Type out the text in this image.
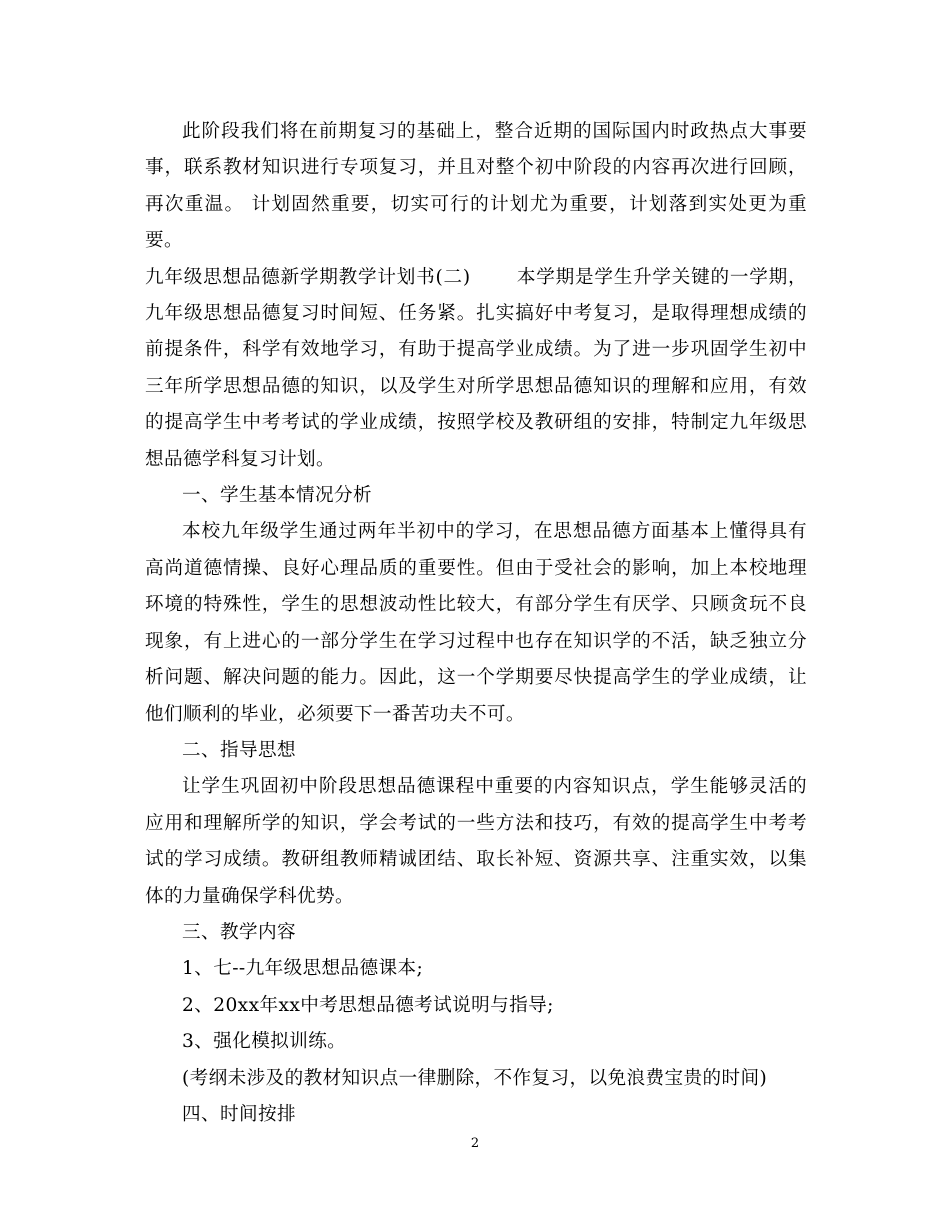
此阶段我们将在前期复习的基础上，整合近期的国际国内时政热点大事要事，联系教材知识进行专项复习，并且对整个初中阶段的内容再次进行回顾，再次重温。 计划固然重要，切实可行的计划尤为重要，计划落到实处更为重要。

九年级思想品德新学期教学计划书(二) 本学期是学生升学关键的一学期，九年级思想品德复习时间短、任务紧。扎实搞好中考复习，是取得理想成绩的前提条件，科学有效地学习，有助于提高学业成绩。为了进一步巩固学生初中三年所学思想品德的知识，以及学生对所学思想品德知识的理解和应用，有效的提高学生中考考试的学业成绩，按照学校及教研组的安排，特制定九年级思想品德学科复习计划。

一、学生基本情况分析

本校九年级学生通过两年半初中的学习，在思想品德方面基本上懂得具有高尚道德情操、良好心理品质的重要性。但由于受社会的影响，加上本校地理环境的特殊性，学生的思想波动性比较大，有部分学生有厌学、只顾贪玩不良现象，有上进心的一部分学生在学习过程中也存在知识学的不活，缺乏独立分析问题、解决问题的能力。因此，这一个学期要尽快提高学生的学业成绩，让他们顺利的毕业，必须要下一番苦功夫不可。

二、指导思想

让学生巩固初中阶段思想品德课程中重要的内容知识点，学生能够灵活的应用和理解所学的知识，学会考试的一些方法和技巧，有效的提高学生中考考试的学习成绩。教研组教师精诚团结、取长补短、资源共享、注重实效，以集体的力量确保学科优势。

三、教学内容

1、七--九年级思想品德课本;

2、20xx年xx中考思想品德考试说明与指导;

3、强化模拟训练。

(考纲未涉及的教材知识点一律删除，不作复习，以免浪费宝贵的时间)

四、时间按排

2
